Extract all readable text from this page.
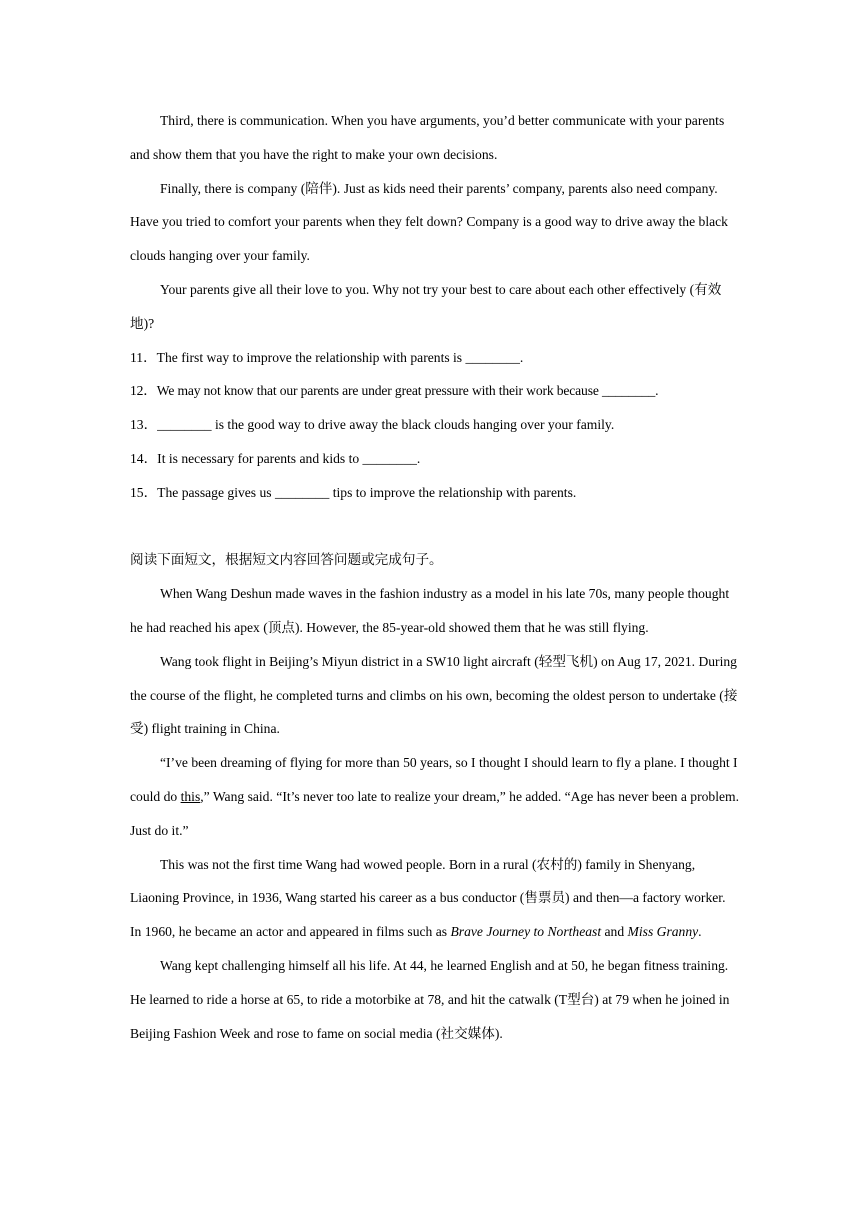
Third, there is communication. When you have arguments, you’d better communicate with your parents and show them that you have the right to make your own decisions.

Finally, there is company (陪伴). Just as kids need their parents’ company, parents also need company. Have you tried to comfort your parents when they felt down? Company is a good way to drive away the black clouds hanging over your family.

Your parents give all their love to you. Why not try your best to care about each other effectively (有效地)?

11．The first way to improve the relationship with parents is ________.

12．We may not know that our parents are under great pressure with their work because ________.

13．________ is the good way to drive away the black clouds hanging over your family.

14．It is necessary for parents and kids to ________.

15．The passage gives us ________ tips to improve the relationship with parents.

阅读下面短文，根据短文内容回答问题或完成句子。

When Wang Deshun made waves in the fashion industry as a model in his late 70s, many people thought he had reached his apex (顶点). However, the 85-year-old showed them that he was still flying.

Wang took flight in Beijing’s Miyun district in a SW10 light aircraft (轻型飞机) on Aug 17, 2021. During the course of the flight, he completed turns and climbs on his own, becoming the oldest person to undertake (接受) flight training in China.

“I’ve been dreaming of flying for more than 50 years, so I thought I should learn to fly a plane. I thought I could do this,” Wang said. “It’s never too late to realize your dream,” he added. “Age has never been a problem. Just do it.”

This was not the first time Wang had wowed people. Born in a rural (农村的) family in Shenyang, Liaoning Province, in 1936, Wang started his career as a bus conductor (售票员) and then—a factory worker. In 1960, he became an actor and appeared in films such as Brave Journey to Northeast and Miss Granny.

Wang kept challenging himself all his life. At 44, he learned English and at 50, he began fitness training. He learned to ride a horse at 65, to ride a motorbike at 78, and hit the catwalk (T型台) at 79 when he joined in Beijing Fashion Week and rose to fame on social media (社交媒体).
